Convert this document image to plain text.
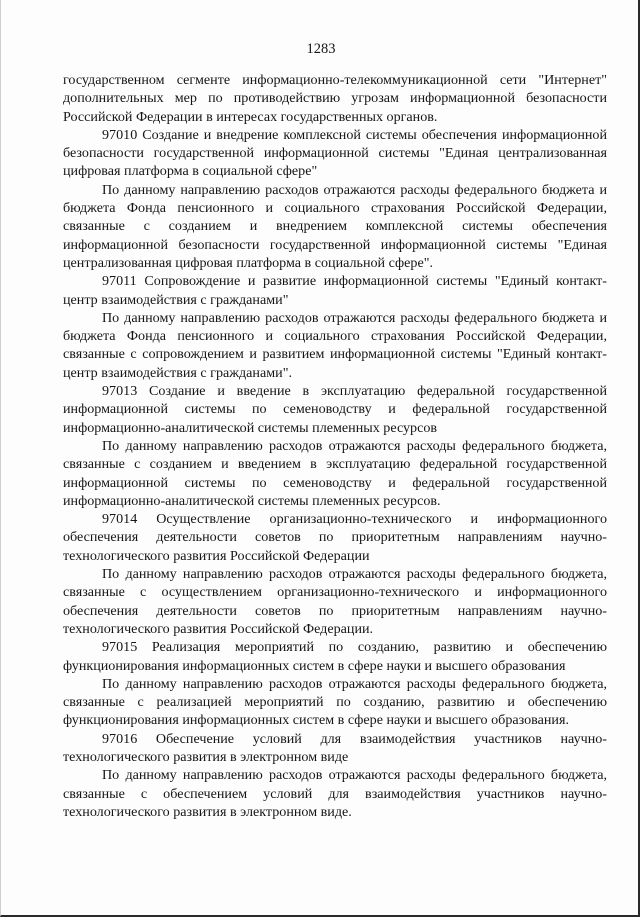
1283

государственном сегменте информационно-телекоммуникационной сети "Интернет" дополнительных мер по противодействию угрозам информационной безопасности Российской Федерации в интересах государственных органов.

97010 Создание и внедрение комплексной системы обеспечения информационной безопасности государственной информационной системы "Единая централизованная цифровая платформа в социальной сфере"

По данному направлению расходов отражаются расходы федерального бюджета и бюджета Фонда пенсионного и социального страхования Российской Федерации, связанные с созданием и внедрением комплексной системы обеспечения информационной безопасности государственной информационной системы "Единая централизованная цифровая платформа в социальной сфере".

97011 Сопровождение и развитие информационной системы "Единый контакт-центр взаимодействия с гражданами"

По данному направлению расходов отражаются расходы федерального бюджета и бюджета Фонда пенсионного и социального страхования Российской Федерации, связанные с сопровождением и развитием информационной системы "Единый контакт-центр взаимодействия с гражданами".

97013 Создание и введение в эксплуатацию федеральной государственной информационной системы по семеноводству и федеральной государственной информационно-аналитической системы племенных ресурсов

По данному направлению расходов отражаются расходы федерального бюджета, связанные с созданием и введением в эксплуатацию федеральной государственной информационной системы по семеноводству и федеральной государственной информационно-аналитической системы племенных ресурсов.

97014 Осуществление организационно-технического и информационного обеспечения деятельности советов по приоритетным направлениям научно-технологического развития Российской Федерации

По данному направлению расходов отражаются расходы федерального бюджета, связанные с осуществлением организационно-технического и информационного обеспечения деятельности советов по приоритетным направлениям научно-технологического развития Российской Федерации.

97015 Реализация мероприятий по созданию, развитию и обеспечению функционирования информационных систем в сфере науки и высшего образования

По данному направлению расходов отражаются расходы федерального бюджета, связанные с реализацией мероприятий по созданию, развитию и обеспечению функционирования информационных систем в сфере науки и высшего образования.

97016 Обеспечение условий для взаимодействия участников научно-технологического развития в электронном виде

По данному направлению расходов отражаются расходы федерального бюджета, связанные с обеспечением условий для взаимодействия участников научно-технологического развития в электронном виде.
